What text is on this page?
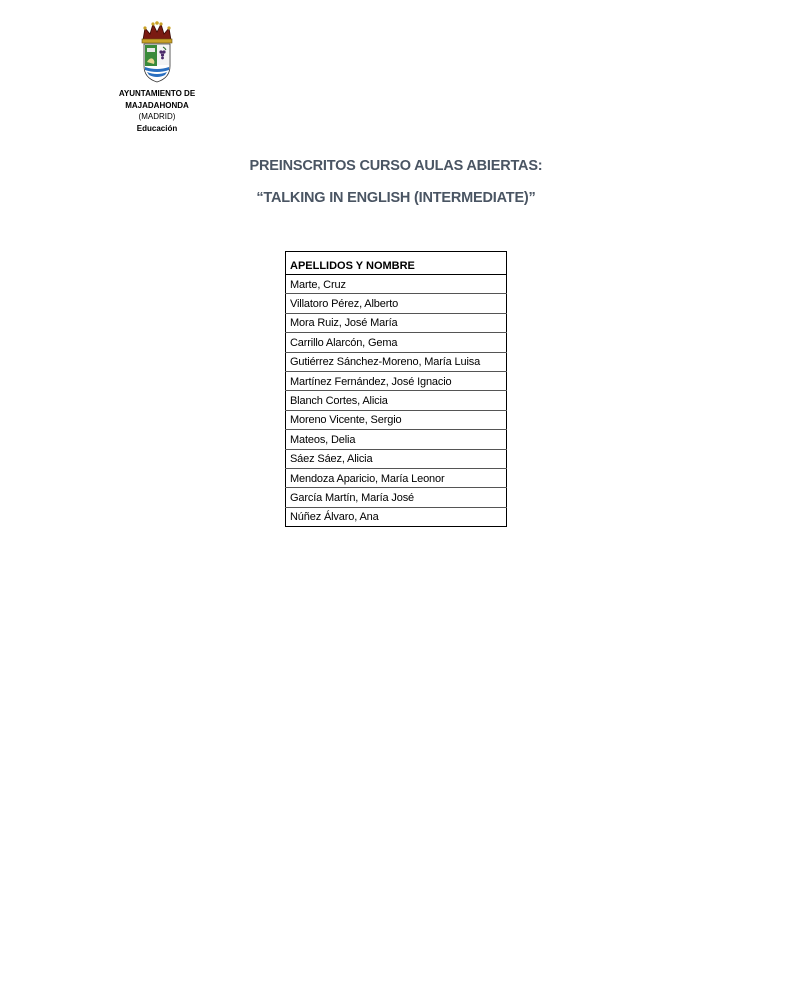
AYUNTAMIENTO DE
MAJADAHONDA
(MADRID)
Educación
PREINSCRITOS CURSO AULAS ABIERTAS:
“TALKING IN ENGLISH (INTERMEDIATE)”
APELLIDOS Y NOMBRE
Marte, Cruz
Villatoro Pérez, Alberto
Mora Ruiz, José María
Carrillo Alarcón, Gema
Gutiérrez Sánchez-Moreno, María Luisa
Martínez Fernández, José Ignacio
Blanch Cortes, Alicia
Moreno Vicente, Sergio
Mateos, Delia
Sáez Sáez, Alicia
Mendoza Aparicio, María Leonor
García Martín, María José
Núñez Álvaro, Ana
